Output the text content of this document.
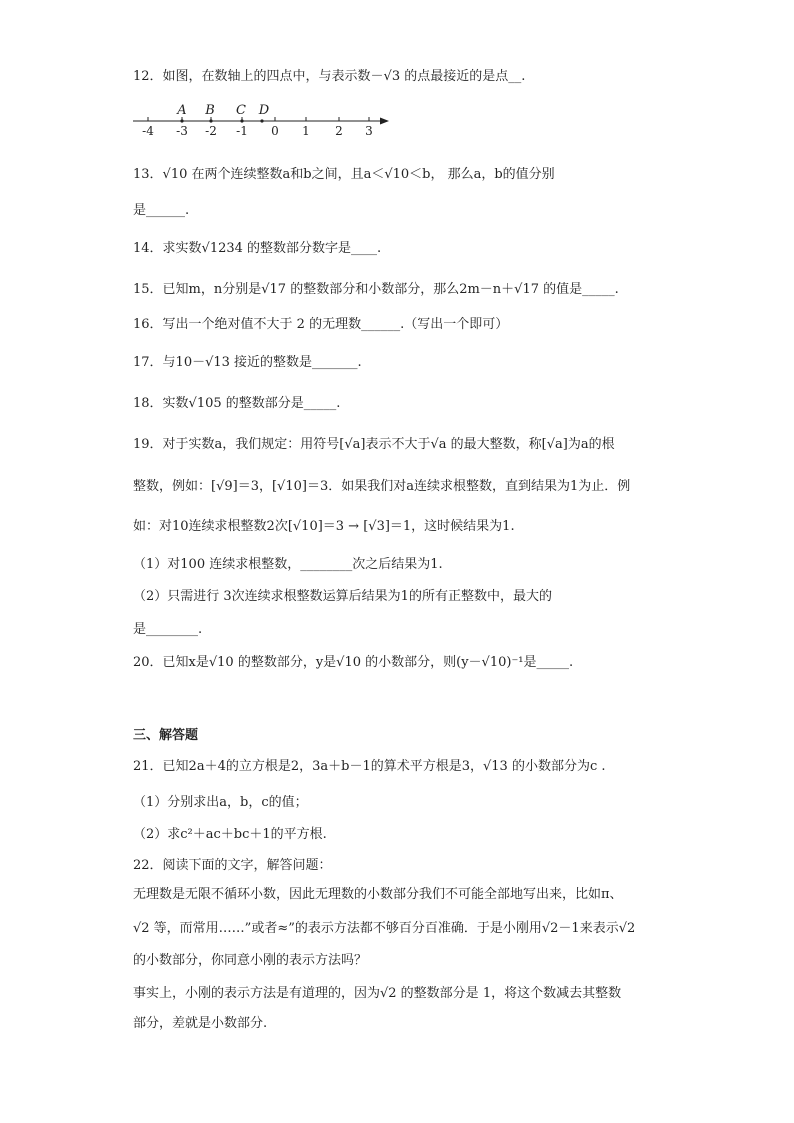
12．如图，在数轴上的四点中，与表示数－√3 的点最接近的是点__.
A B C D
-4 -3 -2 -1 0 1 2 3
13．√10 在两个连续整数a和b之间，且a＜√10＜b， 那么a，b的值分别
是______.
14．求实数√1234 的整数部分数字是____.
15．已知m，n分别是√17 的整数部分和小数部分，那么2m－n＋√17 的值是_____.
16．写出一个绝对值不大于 2 的无理数______.（写出一个即可）
17．与10－√13 接近的整数是_______.
18．实数√105 的整数部分是_____.
19．对于实数a，我们规定：用符号[√a]表示不大于√a 的最大整数，称[√a]为a的根
整数，例如：[√9]＝3，[√10]＝3．如果我们对a连续求根整数，直到结果为1为止．例
如：对10连续求根整数2次[√10]＝3 → [√3]＝1，这时候结果为1.
（1）对100 连续求根整数，________次之后结果为1.
（2）只需进行 3次连续求根整数运算后结果为1的所有正整数中，最大的
是________.
20．已知x是√10 的整数部分，y是√10 的小数部分，则(y－√10)⁻¹是_____.
三、解答题
21．已知2a＋4的立方根是2，3a＋b－1的算术平方根是3，√13 的小数部分为c .
（1）分别求出a，b，c的值；
（2）求c²＋ac＋bc＋1的平方根.
22．阅读下面的文字，解答问题：
无理数是无限不循环小数，因此无理数的小数部分我们不可能全部地写出来，比如π、
√2 等，而常用……”或者≈”的表示方法都不够百分百准确．于是小刚用√2－1来表示√2
的小数部分，你同意小刚的表示方法吗？
事实上，小刚的表示方法是有道理的，因为√2 的整数部分是 1，将这个数减去其整数
部分，差就是小数部分.
